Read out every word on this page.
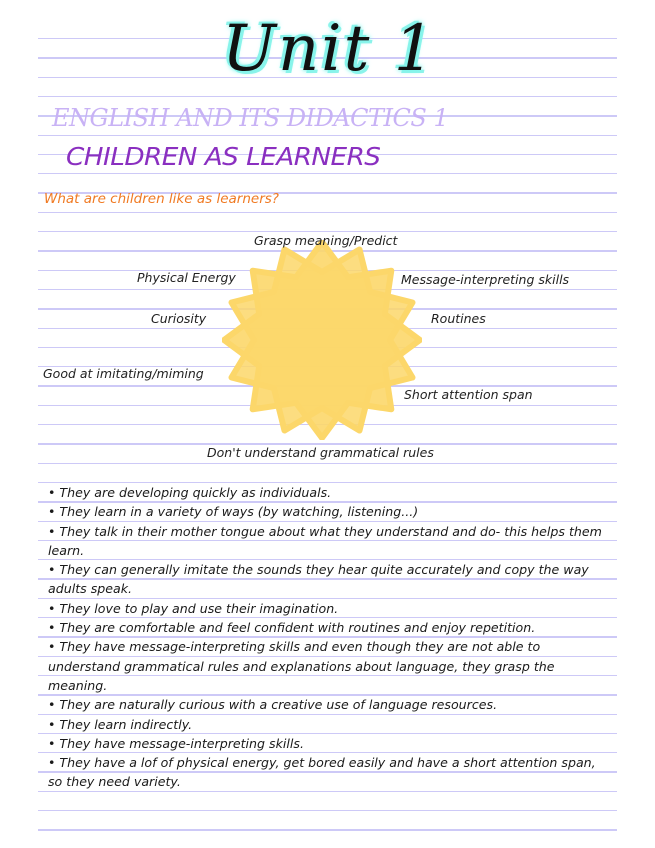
Unit 1
ENGLISH AND ITS DIDACTICS 1
CHILDREN AS LEARNERS
What are children like as learners?
Grasp meaning/Predict
Physical Energy	Message-interpreting skills
Curiosity	Routines
Good at imitating/miming
Short attention span
Don't understand grammatical rules
• They are developing quickly as individuals.
• They learn in a variety of ways (by watching, listening...)
• They talk in their mother tongue about what they understand and do- this helps them learn.
• They can generally imitate the sounds they hear quite accurately and copy the way adults speak.
• They love to play and use their imagination.
• They are comfortable and feel confident with routines and enjoy repetition.
• They have message-interpreting skills and even though they are not able to understand grammatical rules and explanations about language, they grasp the meaning.
• They are naturally curious with a creative use of language resources.
• They learn indirectly.
• They have message-interpreting skills.
• They have a lof of physical energy, get bored easily and have a short attention span, so they need variety.
